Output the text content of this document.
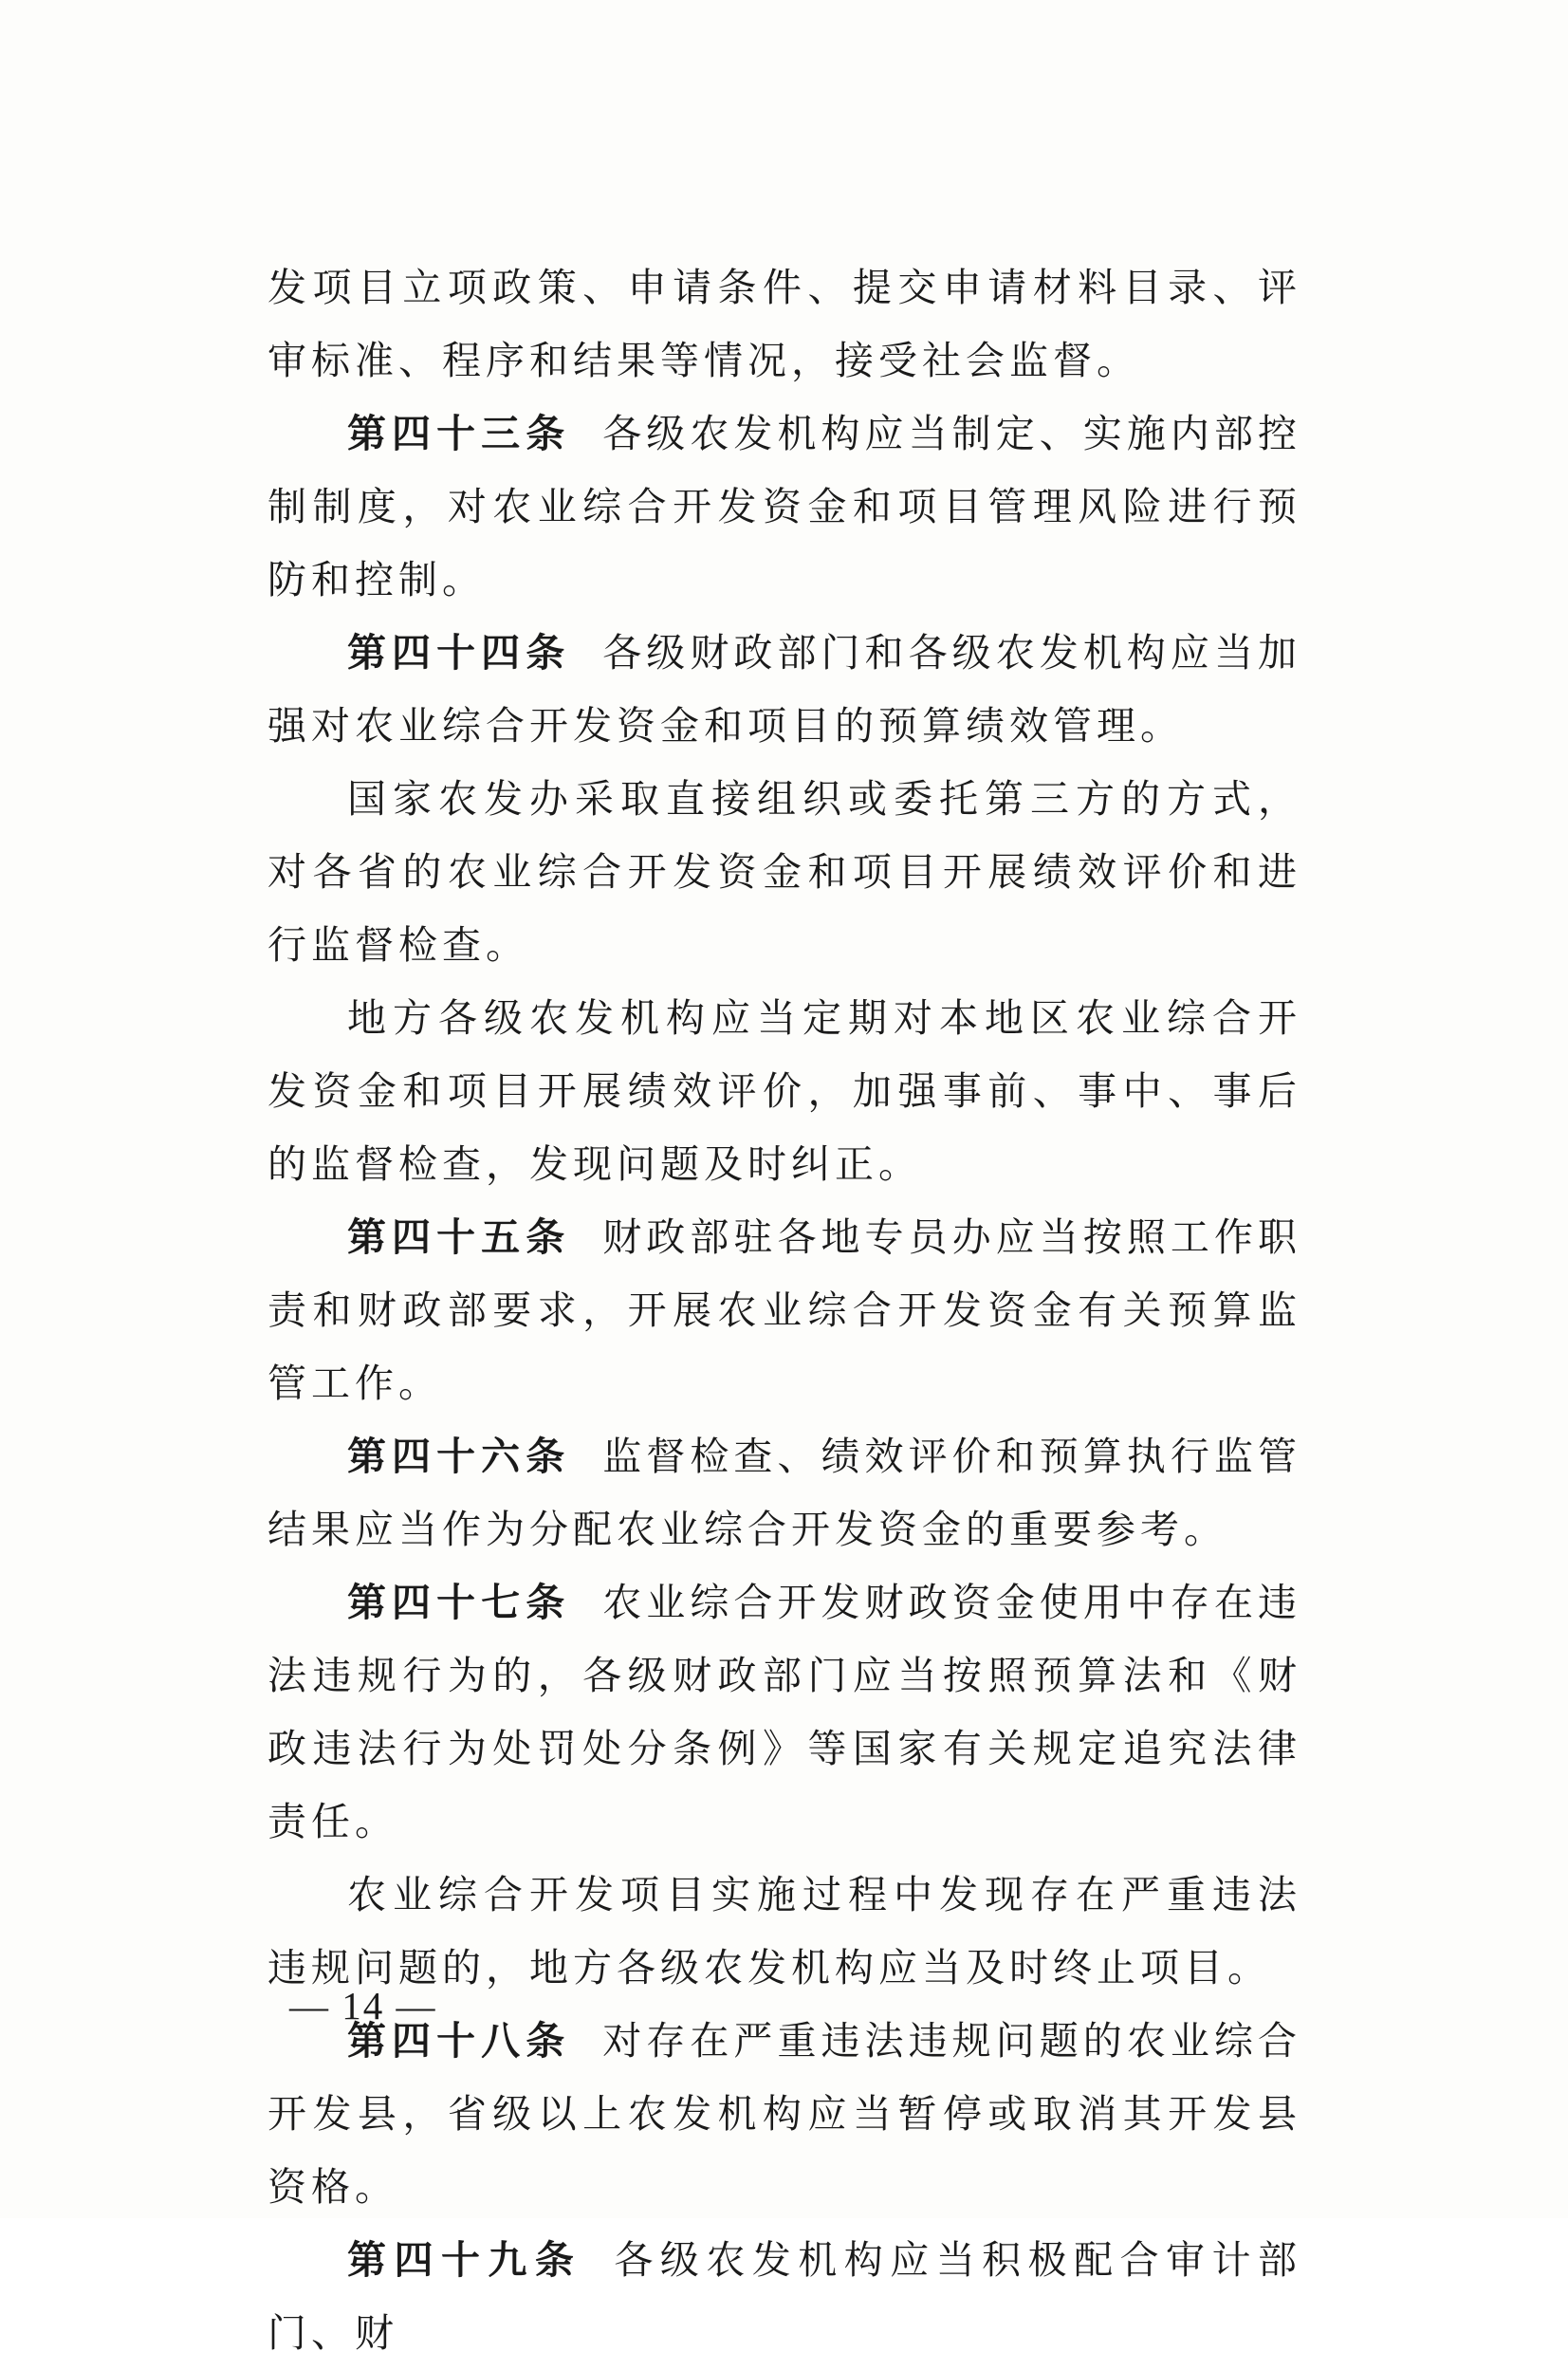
发项目立项政策、申请条件、提交申请材料目录、评审标准、程序和结果等情况，接受社会监督。

第四十三条 各级农发机构应当制定、实施内部控制制度，对农业综合开发资金和项目管理风险进行预防和控制。

第四十四条 各级财政部门和各级农发机构应当加强对农业综合开发资金和项目的预算绩效管理。

国家农发办采取直接组织或委托第三方的方式，对各省的农业综合开发资金和项目开展绩效评价和进行监督检查。

地方各级农发机构应当定期对本地区农业综合开发资金和项目开展绩效评价，加强事前、事中、事后的监督检查，发现问题及时纠正。

第四十五条 财政部驻各地专员办应当按照工作职责和财政部要求，开展农业综合开发资金有关预算监管工作。

第四十六条 监督检查、绩效评价和预算执行监管结果应当作为分配农业综合开发资金的重要参考。

第四十七条 农业综合开发财政资金使用中存在违法违规行为的，各级财政部门应当按照预算法和《财政违法行为处罚处分条例》等国家有关规定追究法律责任。

农业综合开发项目实施过程中发现存在严重违法违规问题的，地方各级农发机构应当及时终止项目。

第四十八条 对存在严重违法违规问题的农业综合开发县，省级以上农发机构应当暂停或取消其开发县资格。

第四十九条 各级农发机构应当积极配合审计部门、财

— 14 —
